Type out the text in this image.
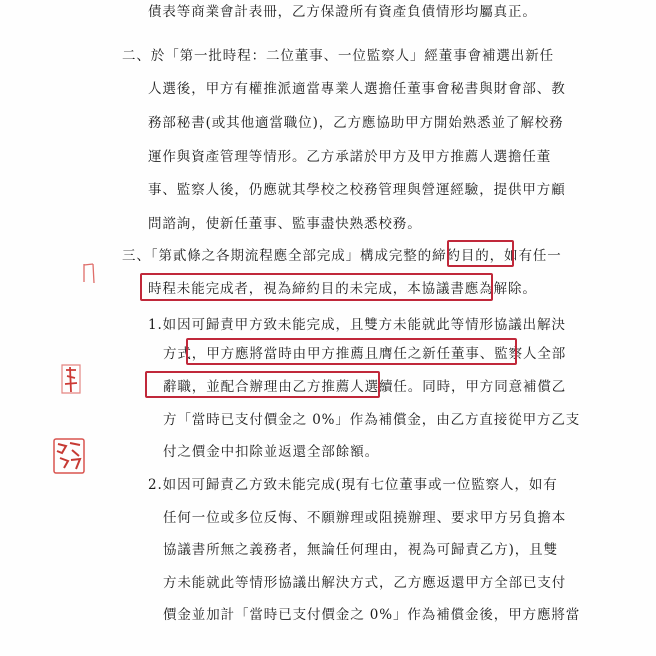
債表等商業會計表冊，乙方保證所有資產負債情形均屬真正。
二、於「第一批時程：二位董事、一位監察人」經董事會補選出新任
人選後，甲方有權推派適當專業人選擔任董事會秘書與財會部、教
務部秘書(或其他適當職位)，乙方應協助甲方開始熟悉並了解校務
運作與資產管理等情形。乙方承諾於甲方及甲方推薦人選擔任董
事、監察人後，仍應就其學校之校務管理與營運經驗，提供甲方顧
問諮詢，使新任董事、監事盡快熟悉校務。
三、「第貳條之各期流程應全部完成」構成完整的締約目的，如有任一
時程未能完成者，視為締約目的未完成，本協議書應為解除。
1.如因可歸責甲方致未能完成，且雙方未能就此等情形協議出解決
方式，甲方應將當時由甲方推薦且膺任之新任董事、監察人全部
辭職，並配合辦理由乙方推薦人選續任。同時，甲方同意補償乙
方「當時已支付價金之 0%」作為補償金，由乙方直接從甲方乙支
付之價金中扣除並返還全部餘額。
2.如因可歸責乙方致未能完成(現有七位董事或一位監察人，如有
任何一位或多位反悔、不願辦理或阻撓辦理、要求甲方另負擔本
協議書所無之義務者，無論任何理由，視為可歸責乙方)，且雙
方未能就此等情形協議出解決方式，乙方應返還甲方全部已支付
價金並加計「當時已支付價金之 0%」作為補償金後，甲方應將當
